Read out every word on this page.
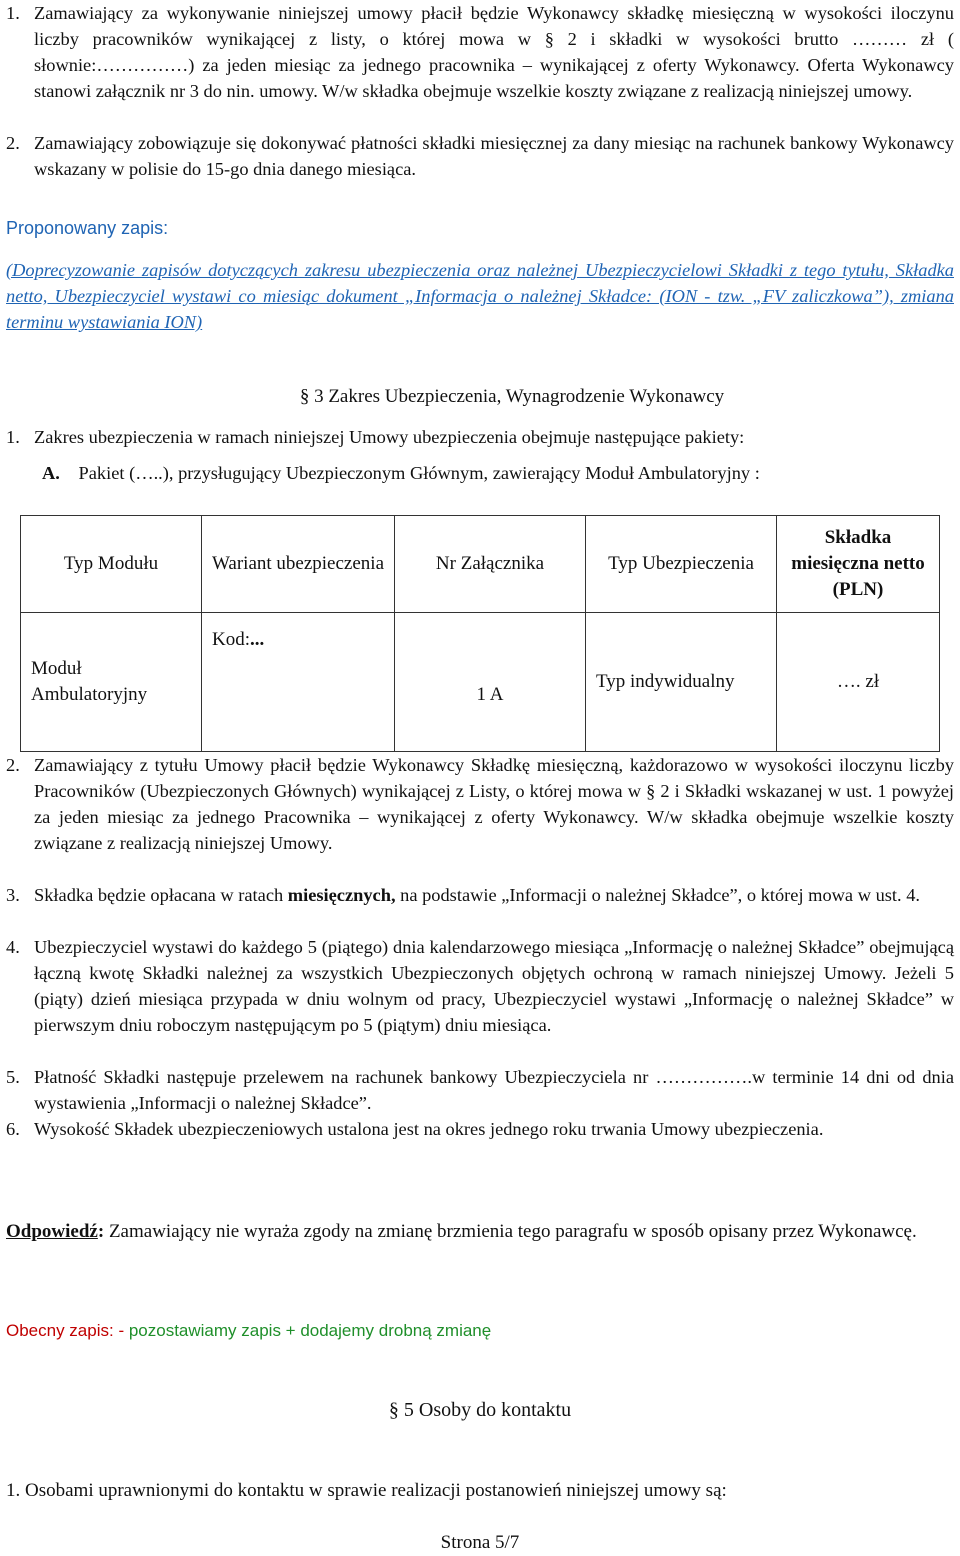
1. Zamawiający za wykonywanie niniejszej umowy płacił będzie Wykonawcy składkę miesięczną w wysokości iloczynu liczby pracowników wynikającej z listy, o której mowa w § 2 i składki w wysokości brutto ……… zł ( słownie:……………) za jeden miesiąc za jednego pracownika – wynikającej z oferty Wykonawcy. Oferta Wykonawcy stanowi załącznik nr 3 do nin. umowy. W/w składka obejmuje wszelkie koszty związane z realizacją niniejszej umowy.
2. Zamawiający zobowiązuje się dokonywać płatności składki miesięcznej za dany miesiąc na rachunek bankowy Wykonawcy wskazany w polisie do 15-go dnia danego miesiąca.
Proponowany zapis:
(Doprecyzowanie zapisów dotyczących zakresu ubezpieczenia oraz należnej Ubezpieczycielowi Składki z tego tytułu, Składka netto, Ubezpieczyciel wystawi co miesiąc dokument „Informacja o należnej Składce: (ION - tzw. „FV zaliczkowa”), zmiana terminu wystawiania ION)
§ 3 Zakres Ubezpieczenia, Wynagrodzenie Wykonawcy
1. Zakres ubezpieczenia w ramach niniejszej Umowy ubezpieczenia obejmuje następujące pakiety:
A. Pakiet (…..), przysługujący Ubezpieczonym Głównym, zawierający Moduł Ambulatoryjny :
Typ Modułu	Wariant ubezpieczenia	Nr Załącznika	Typ Ubezpieczenia	Składka miesięczna netto (PLN)
Moduł Ambulatoryjny	Kod:...	1 A	Typ indywidualny	…. zł
2. Zamawiający z tytułu Umowy płacił będzie Wykonawcy Składkę miesięczną, każdorazowo w wysokości iloczynu liczby Pracowników (Ubezpieczonych Głównych) wynikającej z Listy, o której mowa w § 2 i Składki wskazanej w ust. 1 powyżej za jeden miesiąc za jednego Pracownika – wynikającej z oferty Wykonawcy. W/w składka obejmuje wszelkie koszty związane z realizacją niniejszej Umowy.
3. Składka będzie opłacana w ratach miesięcznych, na podstawie „Informacji o należnej Składce”, o której mowa w ust. 4.
4. Ubezpieczyciel wystawi do każdego 5 (piątego) dnia kalendarzowego miesiąca „Informację o należnej Składce” obejmującą łączną kwotę Składki należnej za wszystkich Ubezpieczonych objętych ochroną w ramach niniejszej Umowy. Jeżeli 5 (piąty) dzień miesiąca przypada w dniu wolnym od pracy, Ubezpieczyciel wystawi „Informację o należnej Składce” w pierwszym dniu roboczym następującym po 5 (piątym) dniu miesiąca.
5. Płatność Składki następuje przelewem na rachunek bankowy Ubezpieczyciela nr …………….w terminie 14 dni od dnia wystawienia „Informacji o należnej Składce”.
6. Wysokość Składek ubezpieczeniowych ustalona jest na okres jednego roku trwania Umowy ubezpieczenia.
Odpowiedź: Zamawiający nie wyraża zgody na zmianę brzmienia tego paragrafu w sposób opisany przez Wykonawcę.
Obecny zapis: - pozostawiamy zapis + dodajemy drobną zmianę
§ 5 Osoby do kontaktu
1. Osobami uprawnionymi do kontaktu w sprawie realizacji postanowień niniejszej umowy są:
Strona 5/7
